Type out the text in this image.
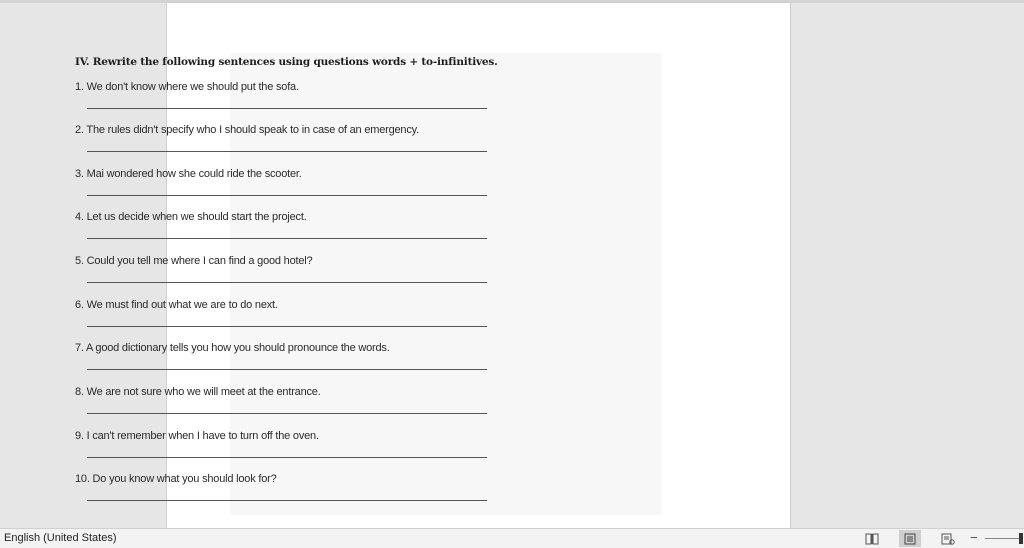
IV. Rewrite the following sentences using questions words + to-infinitives.
1. We don't know where we should put the sofa.
2. The rules didn't specify who I should speak to in case of an emergency.
3. Mai wondered how she could ride the scooter.
4. Let us decide when we should start the project.
5. Could you tell me where I can find a good hotel?
6. We must find out what we are to do next.
7. A good dictionary tells you how you should pronounce the words.
8. We are not sure who we will meet at the entrance.
9. I can't remember when I have to turn off the oven.
10. Do you know what you should look for?
English (United States)	−
